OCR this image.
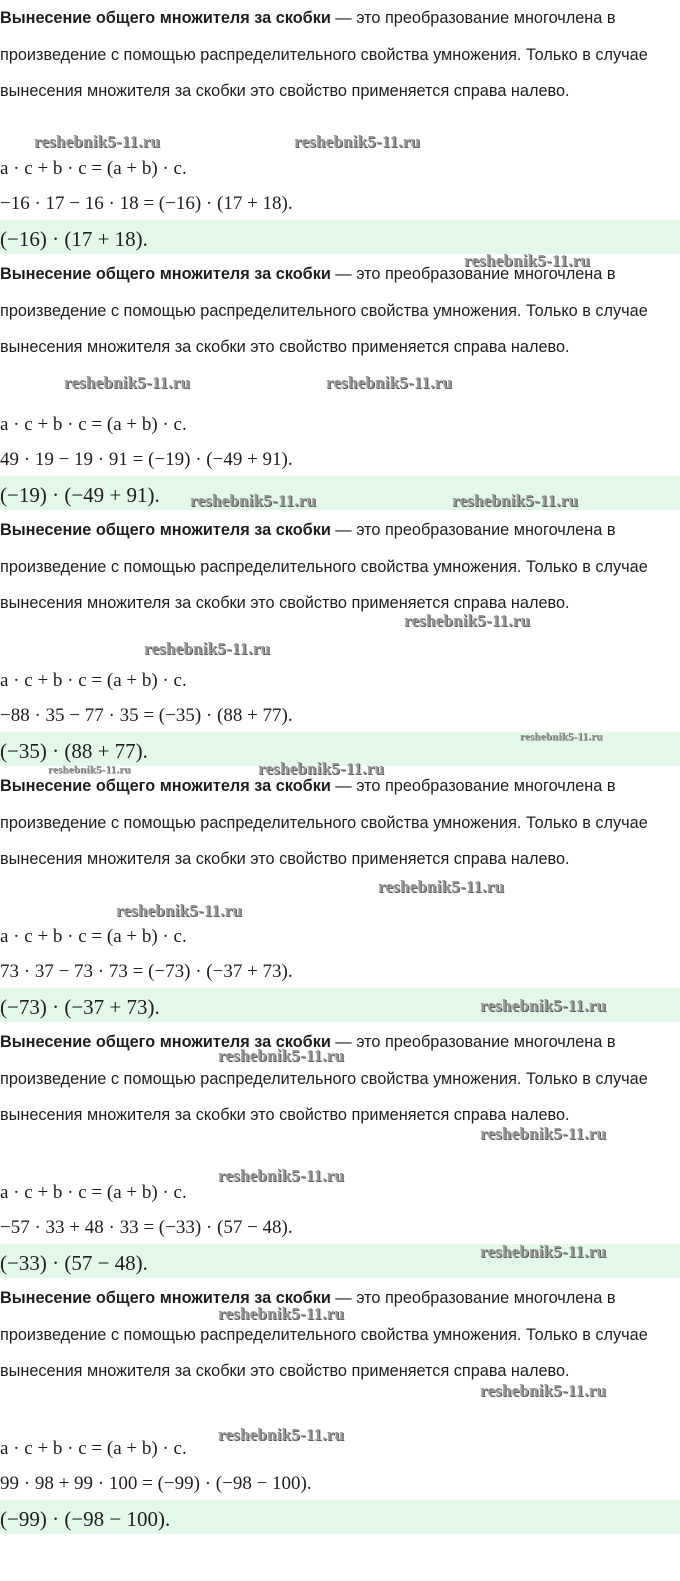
Вынесение общего множителя за скобки — это преобразование многочлена в произведение с помощью распределительного свойства умножения. Только в случае вынесения множителя за скобки это свойство применяется справа налево.

a · c + b · c = (a + b) · c.
−16 · 17 − 16 · 18 = (−16) · (17 + 18).
(−16) · (17 + 18).

Вынесение общего множителя за скобки — это преобразование многочлена в произведение с помощью распределительного свойства умножения. Только в случае вынесения множителя за скобки это свойство применяется справа налево.

a · c + b · c = (a + b) · c.
49 · 19 − 19 · 91 = (−19) · (−49 + 91).
(−19) · (−49 + 91).

Вынесение общего множителя за скобки — это преобразование многочлена в произведение с помощью распределительного свойства умножения. Только в случае вынесения множителя за скобки это свойство применяется справа налево.

a · c + b · c = (a + b) · c.
−88 · 35 − 77 · 35 = (−35) · (88 + 77).
(−35) · (88 + 77).

Вынесение общего множителя за скобки — это преобразование многочлена в произведение с помощью распределительного свойства умножения. Только в случае вынесения множителя за скобки это свойство применяется справа налево.

a · c + b · c = (a + b) · c.
73 · 37 − 73 · 73 = (−73) · (−37 + 73).
(−73) · (−37 + 73).

Вынесение общего множителя за скобки — это преобразование многочлена в произведение с помощью распределительного свойства умножения. Только в случае вынесения множителя за скобки это свойство применяется справа налево.

a · c + b · c = (a + b) · c.
−57 · 33 + 48 · 33 = (−33) · (57 − 48).
(−33) · (57 − 48).

Вынесение общего множителя за скобки — это преобразование многочлена в произведение с помощью распределительного свойства умножения. Только в случае вынесения множителя за скобки это свойство применяется справа налево.

a · c + b · c = (a + b) · c.
99 · 98 + 99 · 100 = (−99) · (−98 − 100).
(−99) · (−98 − 100).
reshebnik5-11.ru	reshebnik5-11.ru
reshebnik5-11.ru
reshebnik5-11.ru	reshebnik5-11.ru
reshebnik5-11.ru	reshebnik5-11.ru
reshebnik5-11.ru
reshebnik5-11.ru
reshebnik5-11.ru
reshebnik5-11.ru	reshebnik5-11.ru
reshebnik5-11.ru
reshebnik5-11.ru
reshebnik5-11.ru
reshebnik5-11.ru
reshebnik5-11.ru
reshebnik5-11.ru
reshebnik5-11.ru
reshebnik5-11.ru
reshebnik5-11.ru
reshebnik5-11.ru
